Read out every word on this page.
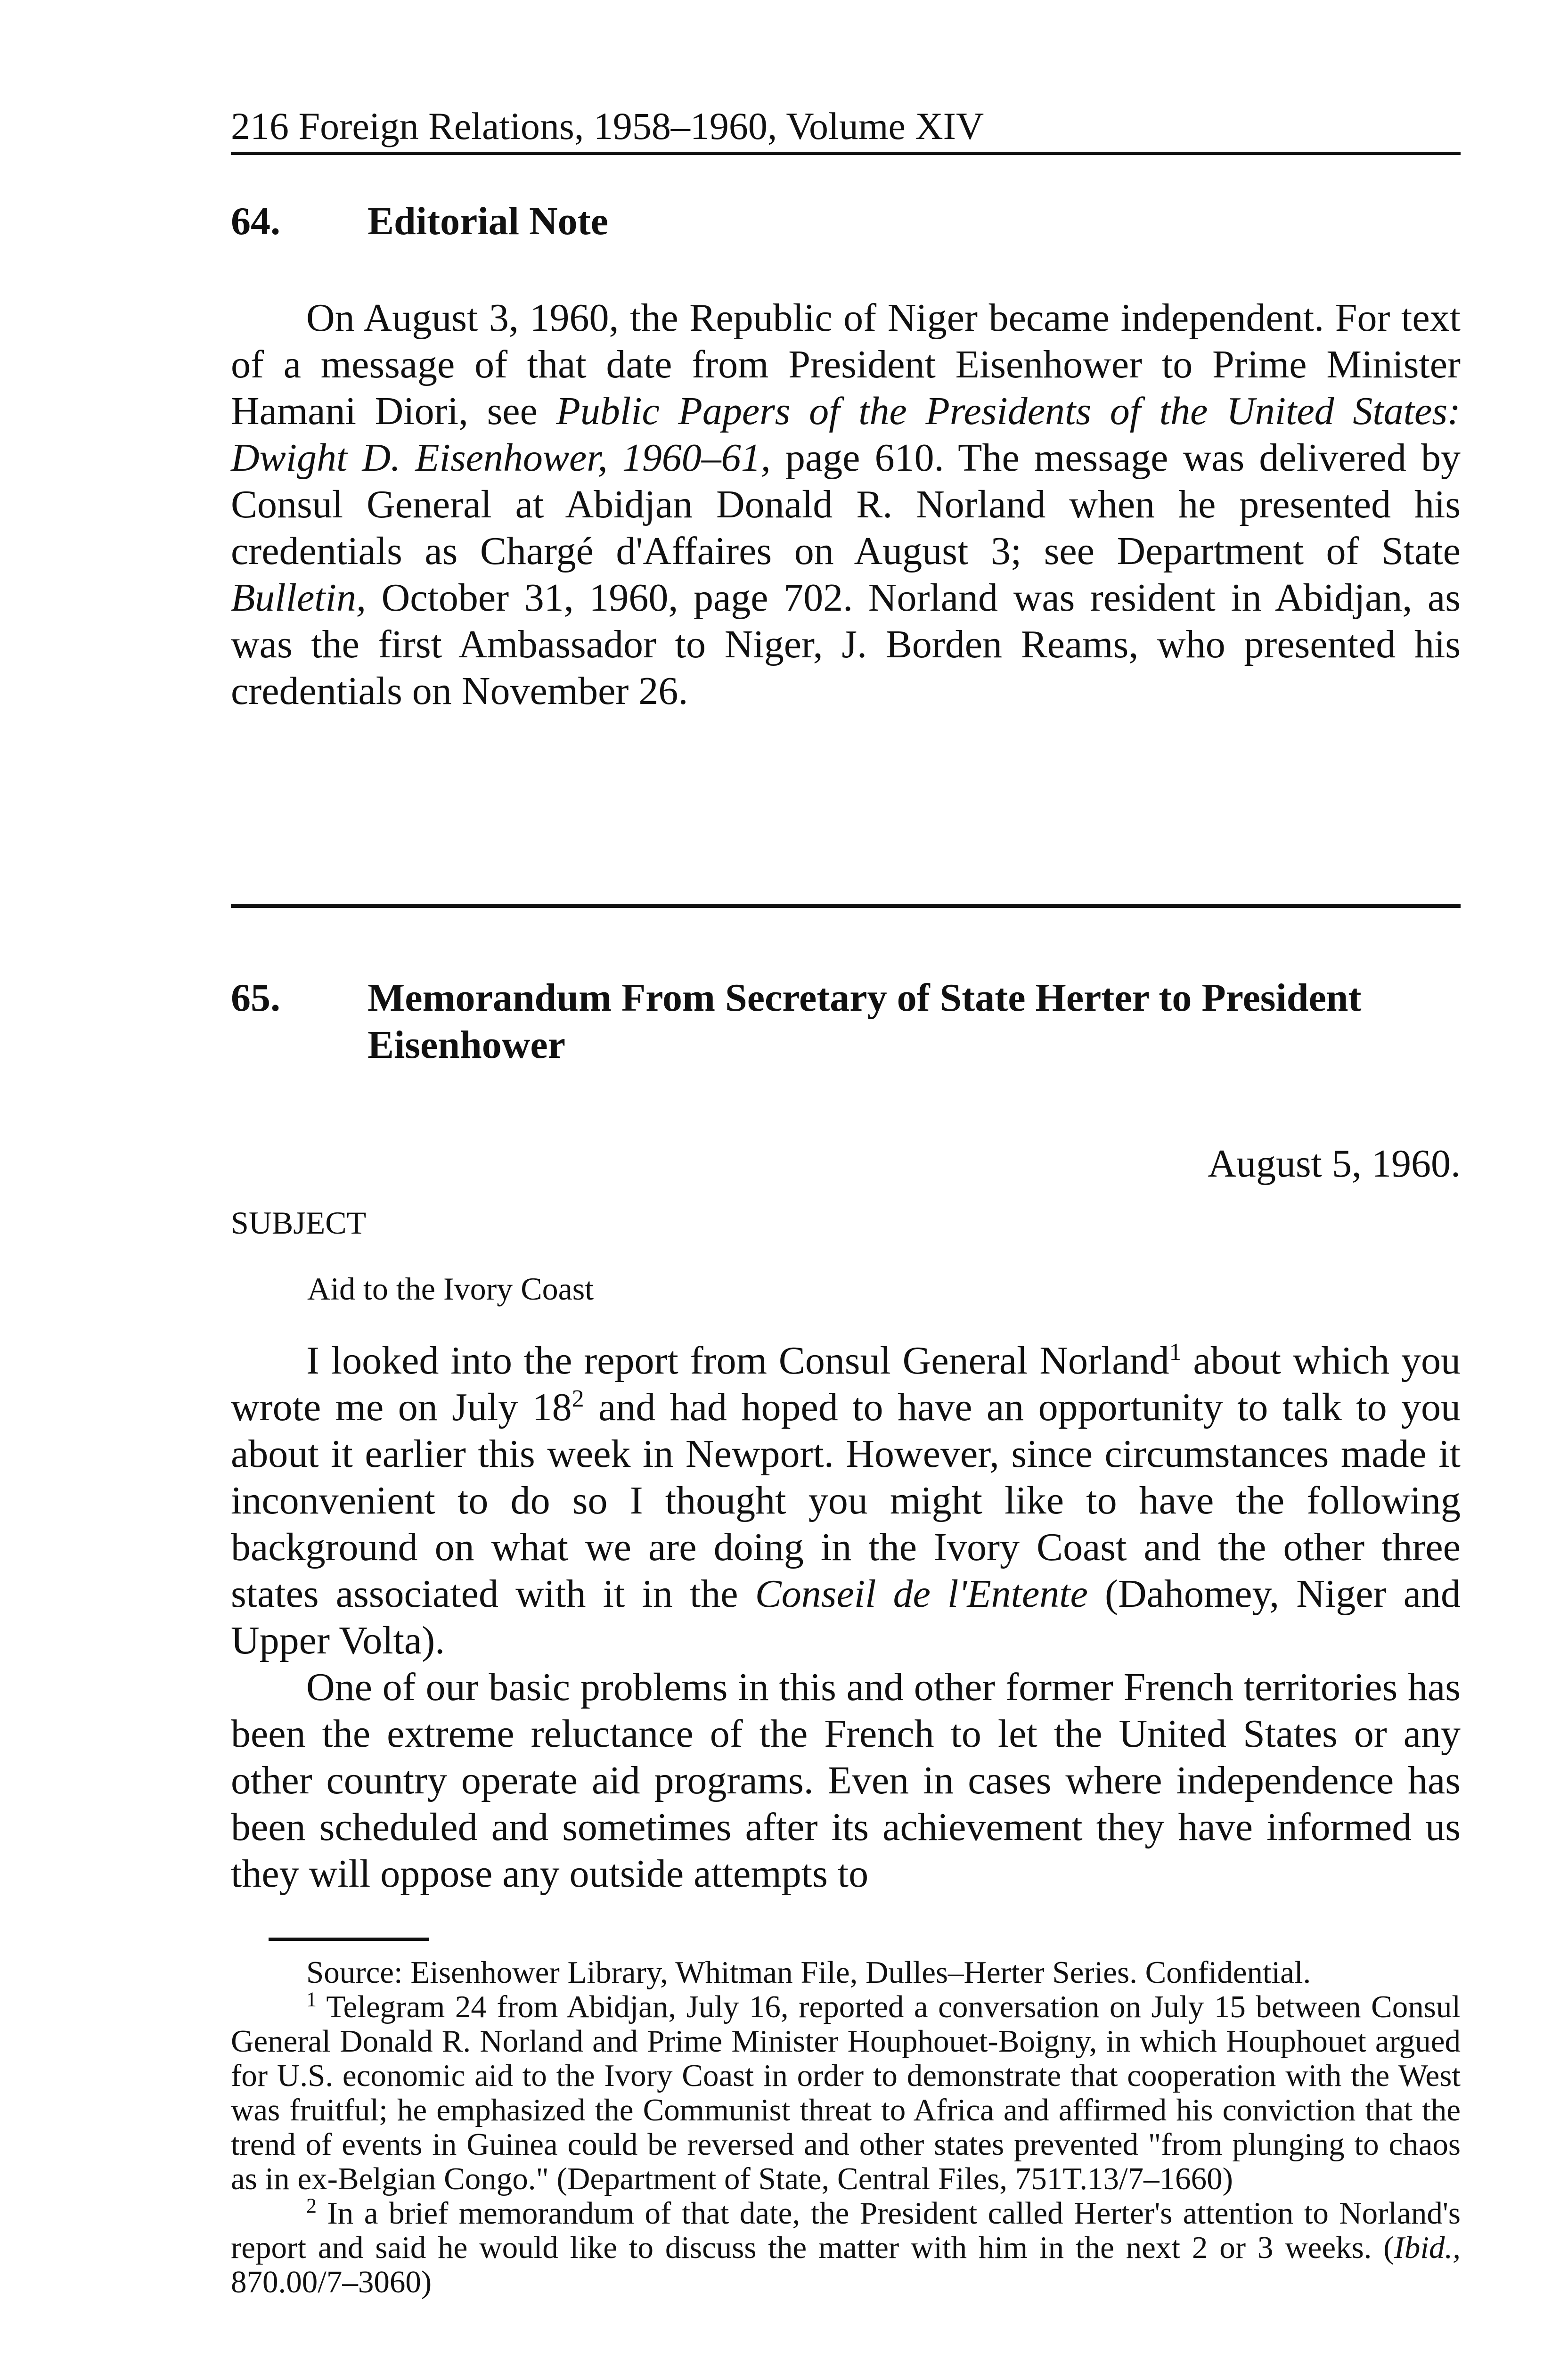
216 Foreign Relations, 1958–1960, Volume XIV
64. Editorial Note

On August 3, 1960, the Republic of Niger became independent. For text of a message of that date from President Eisenhower to Prime Minister Hamani Diori, see Public Papers of the Presidents of the United States: Dwight D. Eisenhower, 1960–61, page 610. The message was delivered by Consul General at Abidjan Donald R. Norland when he presented his credentials as Chargé d'Affaires on August 3; see Department of State Bulletin, October 31, 1960, page 702. Norland was resident in Abidjan, as was the first Ambassador to Niger, J. Borden Reams, who presented his credentials on November 26.

65. Memorandum From Secretary of State Herter to President Eisenhower
August 5, 1960.
SUBJECT
Aid to the Ivory Coast

I looked into the report from Consul General Norland$^1$ about which you wrote me on July $18^2$ and had hoped to have an opportunity to talk to you about it earlier this week in Newport. However, since circumstances made it inconvenient to do so I thought you might like to have the following background on what we are doing in the Ivory Coast and the other three states associated with it in the Conseil de l'Entente (Dahomey, Niger and Upper Volta).

One of our basic problems in this and other former French territories has been the extreme reluctance of the French to let the United States or any other country operate aid programs. Even in cases where independence has been scheduled and sometimes after its achievement they have informed us they will oppose any outside attempts to

Source: Eisenhower Library, Whitman File, Dulles–Herter Series. Confidential.

$^1$ Telegram 24 from Abidjan, July 16, reported a conversation on July 15 between Consul General Donald R. Norland and Prime Minister Houphouet-Boigny, in which Houphouet argued for U.S. economic aid to the Ivory Coast in order to demonstrate that cooperation with the West was fruitful; he emphasized the Communist threat to Africa and affirmed his conviction that the trend of events in Guinea could be reversed and other states prevented "from plunging to chaos as in ex-Belgian Congo." (Department of State, Central Files, 751T.13/7–1660)

$^2$ In a brief memorandum of that date, the President called Herter's attention to Norland's report and said he would like to discuss the matter with him in the next 2 or 3 weeks. (Ibid., 870.00/7–3060)
